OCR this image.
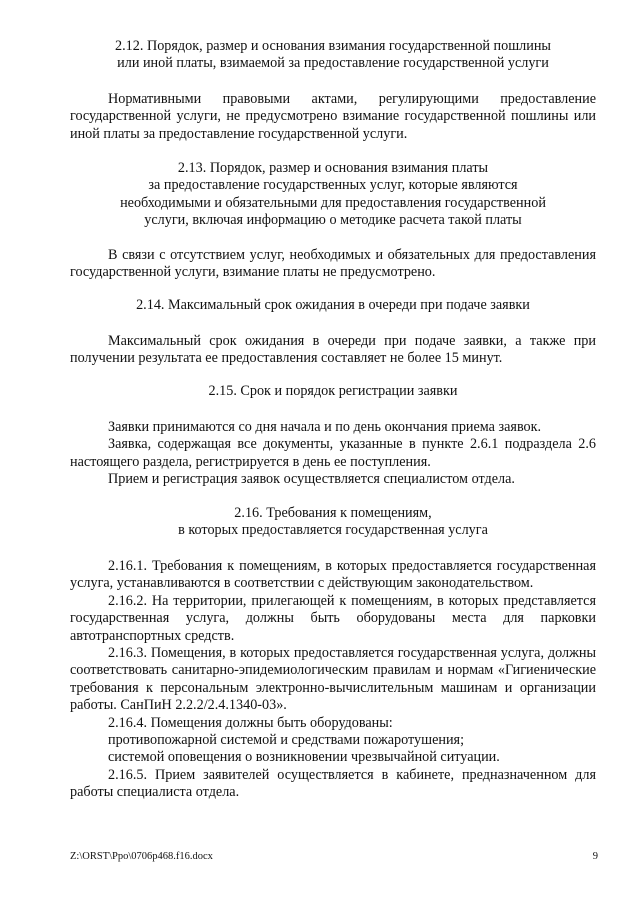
2.12. Порядок, размер и основания взимания государственной пошлины
или иной платы, взимаемой за предоставление государственной услуги

Нормативными правовыми актами, регулирующими предоставление государственной услуги, не предусмотрено взимание государственной пошлины или иной платы за предоставление государственной услуги.

2.13. Порядок, размер и основания взимания платы
за предоставление государственных услуг, которые являются
необходимыми и обязательными для предоставления государственной
услуги, включая информацию о методике расчета такой платы

В связи с отсутствием услуг, необходимых и обязательных для предоставления государственной услуги, взимание платы не предусмотрено.

2.14. Максимальный срок ожидания в очереди при подаче заявки

Максимальный срок ожидания в очереди при подаче заявки, а также при получении результата ее предоставления составляет не более 15 минут.

2.15. Срок и порядок регистрации заявки

Заявки принимаются со дня начала и по день окончания приема заявок.

Заявка, содержащая все документы, указанные в пункте 2.6.1 подраздела 2.6 настоящего раздела, регистрируется в день ее поступления.

Прием и регистрация заявок осуществляется специалистом отдела.

2.16. Требования к помещениям,
в которых предоставляется государственная услуга

2.16.1. Требования к помещениям, в которых предоставляется государственная услуга, устанавливаются в соответствии с действующим законодательством.

2.16.2. На территории, прилегающей к помещениям, в которых представляется государственная услуга, должны быть оборудованы места для парковки автотранспортных средств.

2.16.3. Помещения, в которых предоставляется государственная услуга, должны соответствовать санитарно-эпидемиологическим правилам и нормам «Гигиенические требования к персональным электронно-вычислительным машинам и организации работы. СанПиН 2.2.2/2.4.1340-03».

2.16.4. Помещения должны быть оборудованы:

противопожарной системой и средствами пожаротушения;

системой оповещения о возникновении чрезвычайной ситуации.

2.16.5. Прием заявителей осуществляется в кабинете, предназначенном для работы специалиста отдела.

Z:\ORST\Ppo\0706p468.f16.docx	9
